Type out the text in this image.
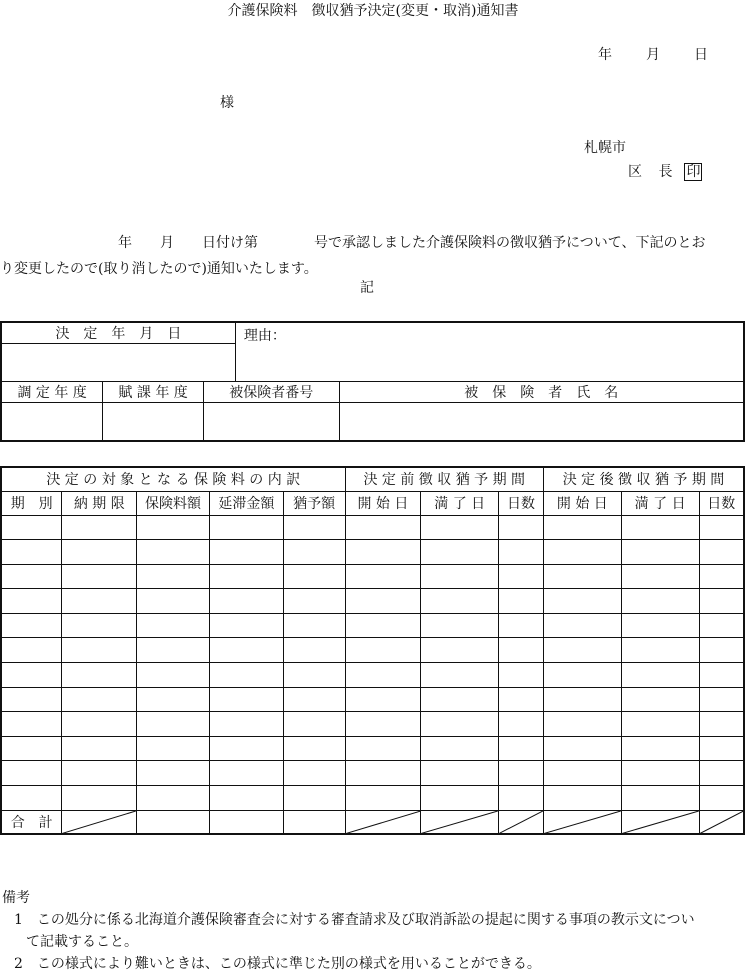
介護保険料　徴収猶予決定(変更・取消)通知書
年 月 日
様
札幌市
区 長 印
年　　月　　日付け第　　　　号で承認しました介護保険料の徴収猶予について、下記のとお
り変更したので(取り消したので)通知いたします。
記
決　定　年　月　日			理由：	

調 定 年 度	賦 課 年 度	被保険者番号		被　保　険　者　氏　名

決 定 の 対 象 と な る 保 険 料 の 内 訳					決 定 前 徴 収 猶 予 期 間			決 定 後 徴 収 猶 予 期 間		
期　別	納 期 限	保険料額	延滞金額	猶予額	開 始 日	満 了 日	日数	開 始 日	満 了 日	日数

合　計	

備考
1　この処分に係る北海道介護保険審査会に対する審査請求及び取消訴訟の提起に関する事項の教示文につい
て記載すること。
2　この様式により難いときは、この様式に準じた別の様式を用いることができる。
